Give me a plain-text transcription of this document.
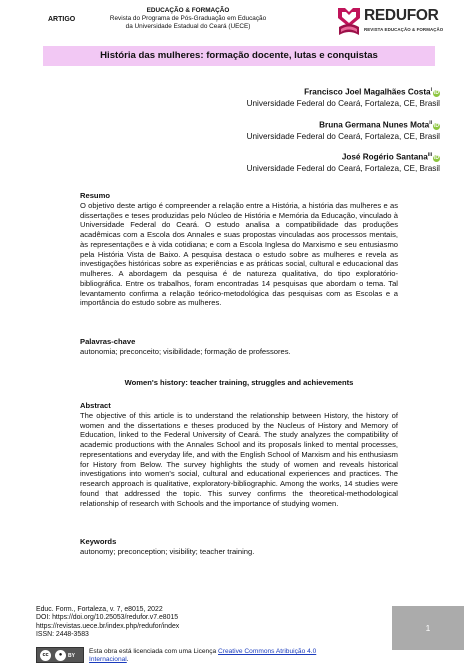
ARTIGO
EDUCAÇÃO & FORMAÇÃO
Revista do Programa de Pós-Graduação em Educação
da Universidade Estadual do Ceará (UECE)
REDUFOR
REVISTA EDUCAÇÃO & FORMAÇÃO
História das mulheres: formação docente, lutas e conquistas
Francisco Joel Magalhães Costa$^i$ iD
Universidade Federal do Ceará, Fortaleza, CE, Brasil
Bruna Germana Nunes Mota$^{ii}$ iD
Universidade Federal do Ceará, Fortaleza, CE, Brasil
José Rogério Santana$^{iii}$ iD
Universidade Federal do Ceará, Fortaleza, CE, Brasil
Resumo

O objetivo deste artigo é compreender a relação entre a História, a história das mulheres e as dissertações e teses produzidas pelo Núcleo de História e Memória da Educação, vinculado à Universidade Federal do Ceará. O estudo analisa a compatibilidade das produções acadêmicas com a Escola dos Annales e suas propostas vinculadas aos processos mentais, às representações e à vida cotidiana; e com a Escola Inglesa do Marxismo e seu entusiasmo pela História Vista de Baixo. A pesquisa destaca o estudo sobre as mulheres e revela as investigações históricas sobre as experiências e as práticas social, cultural e educacional das mulheres. A abordagem da pesquisa é de natureza qualitativa, do tipo exploratório-bibliográfica. Entre os trabalhos, foram encontradas 14 pesquisas que abordam o tema. Tal levantamento confirma a relação teórico-metodológica das pesquisas com as Escolas e a importância do estudo sobre as mulheres.

Palavras-chave

autonomia; preconceito; visibilidade; formação de professores.

Women's history: teacher training, struggles and achievements
Abstract

The objective of this article is to understand the relationship between History, the history of women and the dissertations e theses produced by the Nucleus of History and Memory of Education, linked to the Federal University of Ceará. The study analyzes the compatibility of academic productions with the Annales School and its proposals linked to mental processes, representations and everyday life, and with the English School of Marxism and his enthusiasm for History from Below. The survey highlights the study of women and reveals historical investigations into women's social, cultural and educational experiences and practices. The research approach is qualitative, exploratory-bibliographic. Among the works, 14 studies were found that addressed the topic. This survey confirms the theoretical-methodological relationship of research with Schools and the importance of studying women.

Keywords

autonomy; preconception; visibility; teacher training.

Educ. Form., Fortaleza, v. 7, e8015, 2022
DOI: https://doi.org/10.25053/redufor.v7.e8015
https://revistas.uece.br/index.php/redufor/index
ISSN: 2448-3583
cc	●	BY
Esta obra está licenciada com uma Licença Creative Commons Atribuição 4.0 Internacional.
1
